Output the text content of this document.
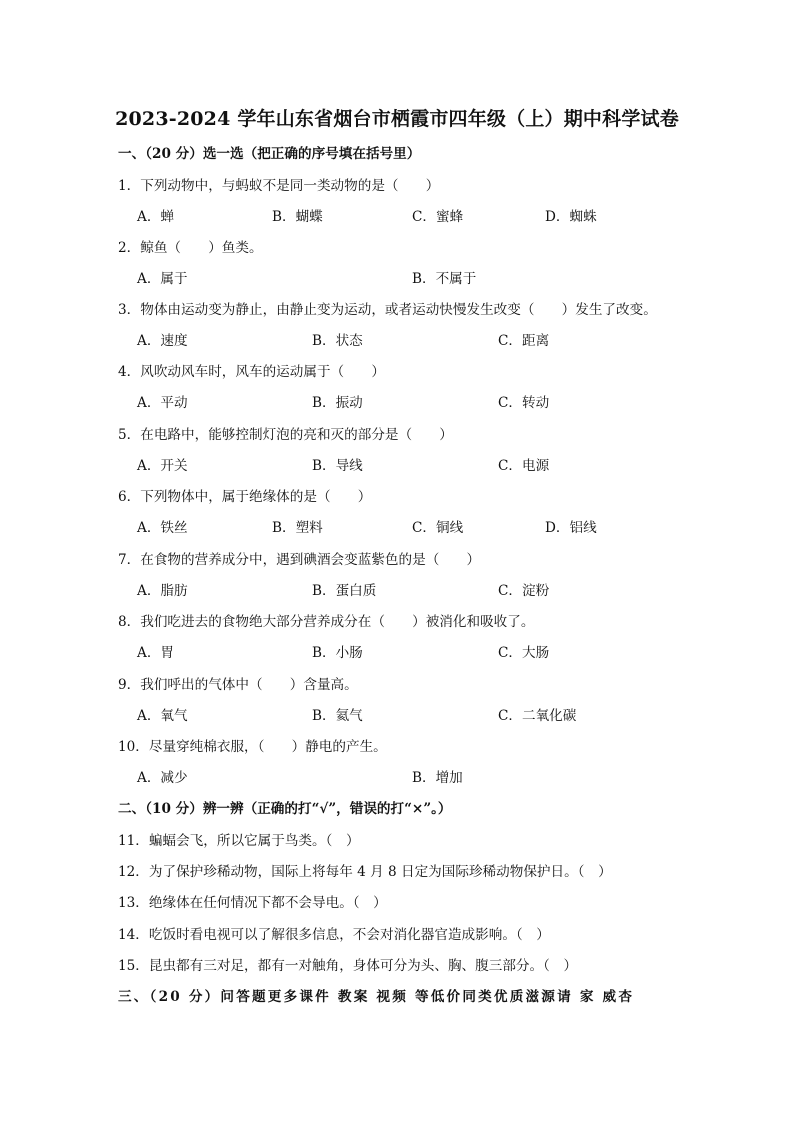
2023-2024 学年山东省烟台市栖霞市四年级（上）期中科学试卷
一、（20 分）选一选（把正确的序号填在括号里）
1．下列动物中，与蚂蚁不是同一类动物的是（　　）
A．蝉	B．蝴蝶	C．蜜蜂	D．蜘蛛
2．鲸鱼（　　）鱼类。
A．属于	B．不属于
3．物体由运动变为静止，由静止变为运动，或者运动快慢发生改变（　　）发生了改变。
A．速度	B．状态	C．距离
4．风吹动风车时，风车的运动属于（　　）
A．平动	B．振动	C．转动
5．在电路中，能够控制灯泡的亮和灭的部分是（　　）
A．开关	B．导线	C．电源
6．下列物体中，属于绝缘体的是（　　）
A．铁丝	B．塑料	C．铜线	D．铝线
7．在食物的营养成分中，遇到碘酒会变蓝紫色的是（　　）
A．脂肪	B．蛋白质	C．淀粉
8．我们吃进去的食物绝大部分营养成分在（　　）被消化和吸收了。
A．胃	B．小肠	C．大肠
9．我们呼出的气体中（　　）含量高。
A．氧气	B．氦气	C．二氧化碳
10．尽量穿纯棉衣服，（　　）静电的产生。
A．减少	B．增加
二、（10 分）辨一辨（正确的打“√”，错误的打“×”。）
11．蝙蝠会飞，所以它属于鸟类。（　）
12．为了保护珍稀动物，国际上将每年 4 月 8 日定为国际珍稀动物保护日。（　）
13．绝缘体在任何情况下都不会导电。（　）
14．吃饭时看电视可以了解很多信息，不会对消化器官造成影响。（　）
15．昆虫都有三对足，都有一对触角，身体可分为头、胸、腹三部分。（　）
三、（20 分）问答题更多课件 教案 视频 等低价同类优质滋源请 家 威杏
